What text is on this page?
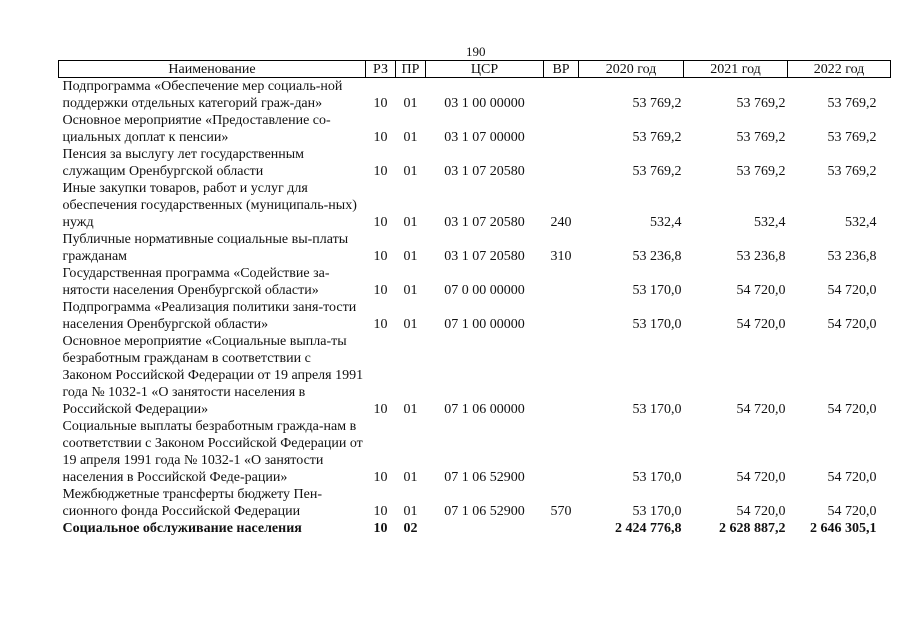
190
Наименование	РЗ	ПР	ЦСР	ВР	2020 год	2021 год	2022 год
Подпрограмма «Обеспечение мер социаль-ной поддержки отдельных категорий граж-дан»	10	01	03 1 00 00000		53 769,2	53 769,2	53 769,2
Основное мероприятие «Предоставление со-циальных доплат к пенсии»	10	01	03 1 07 00000		53 769,2	53 769,2	53 769,2
Пенсия за выслугу лет государственным служащим Оренбургской области	10	01	03 1 07 20580		53 769,2	53 769,2	53 769,2
Иные закупки товаров, работ и услуг для обеспечения государственных (муниципаль-ных) нужд	10	01	03 1 07 20580	240	532,4	532,4	532,4
Публичные нормативные социальные вы-платы гражданам	10	01	03 1 07 20580	310	53 236,8	53 236,8	53 236,8
Государственная программа «Содействие за-нятости населения Оренбургской области»	10	01	07 0 00 00000		53 170,0	54 720,0	54 720,0
Подпрограмма «Реализация политики заня-тости населения Оренбургской области»	10	01	07 1 00 00000		53 170,0	54 720,0	54 720,0
Основное мероприятие «Социальные выпла-ты безработным гражданам в соответствии с Законом Российской Федерации от 19 апреля 1991 года № 1032-1 «О занятости населения в Российской Федерации»	10	01	07 1 06 00000		53 170,0	54 720,0	54 720,0
Социальные выплаты безработным гражда-нам в соответствии с Законом Российской Федерации от 19 апреля 1991 года № 1032-1 «О занятости населения в Российской Феде-рации»	10	01	07 1 06 52900		53 170,0	54 720,0	54 720,0
Межбюджетные трансферты бюджету Пен-сионного фонда Российской Федерации	10	01	07 1 06 52900	570	53 170,0	54 720,0	54 720,0
Социальное обслуживание населения	10	02			2 424 776,8	2 628 887,2	2 646 305,1
